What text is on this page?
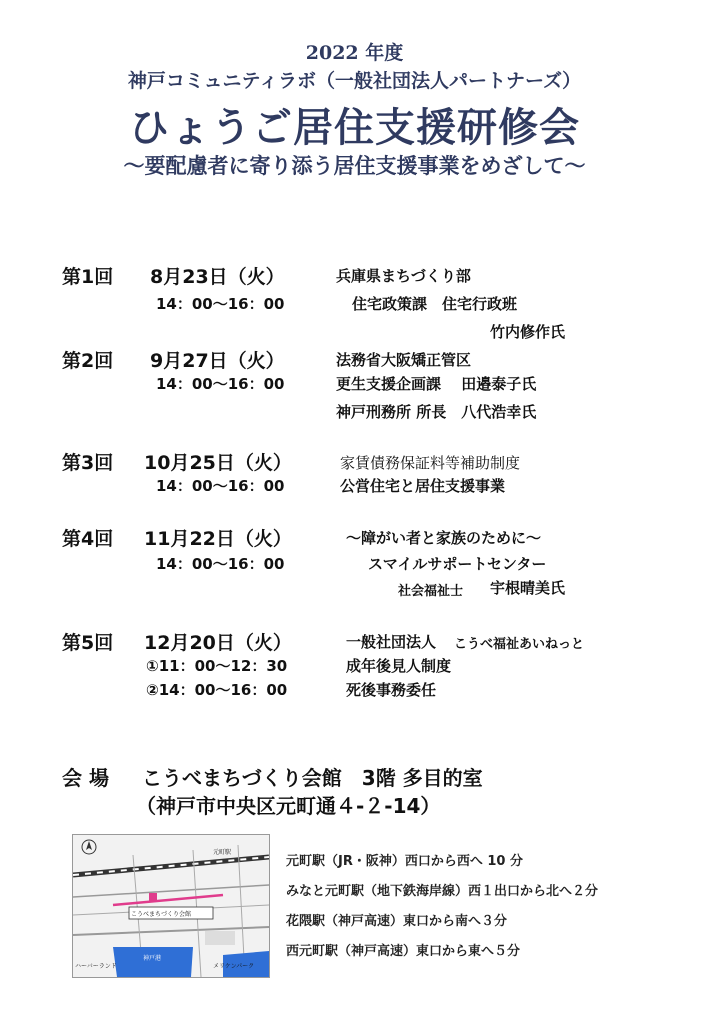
2022 年度
神戸コミュニティラボ（一般社団法人パートナーズ）
ひょうご居住支援研修会
～要配慮者に寄り添う居住支援事業をめざして～
第1回 8月23日（火）	兵庫県まちづくり部
14：00～16：00	住宅政策課　住宅行政班
竹内修作氏
第2回 9月27日（火）	法務省大阪矯正管区
14：00～16：00	更生支援企画課　 田邉泰子氏
神戸刑務所 所長　八代浩幸氏
第3回 10月25日（火）	家賃債務保証料等補助制度
14：00～16：00	公営住宅と居住支援事業
第4回 11月22日（火）	～障がい者と家族のために～
14：00～16：00	スマイルサポートセンター
社会福祉士 宇根晴美氏
第5回 12月20日（火）	一般社団法人 こうべ福祉あいねっと
①11：00～12：30	成年後見人制度
②14：00～16：00	死後事務委任
会 場 こうべまちづくり会館　3階 多目的室
（神戸市中央区元町通４-２-14）
元町駅
こうべまちづくり会館
ハーバーランド
神戸港
メリケンパーク
元町駅（JR・阪神）西口から西へ 10 分
みなと元町駅（地下鉄海岸線）西１出口から北へ２分
花隈駅（神戸高速）東口から南へ３分
西元町駅（神戸高速）東口から東へ５分
